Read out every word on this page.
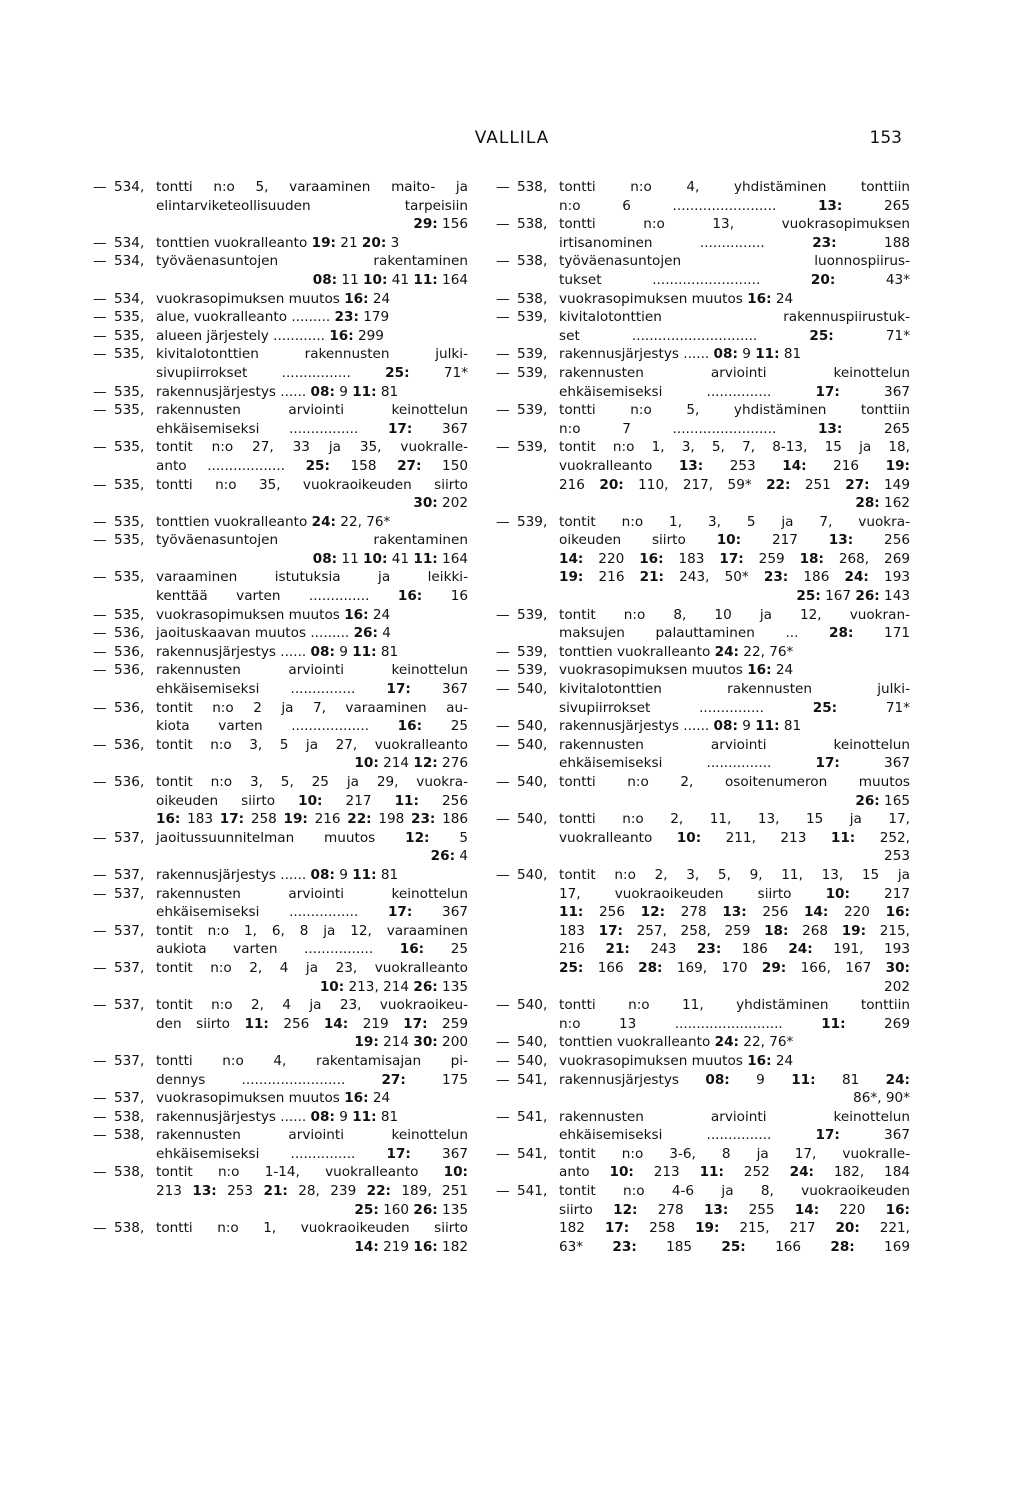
VALLILA	153
— 534, tontti n:o 5, varaaminen maito- ja
elintarviketeollisuuden tarpeisiin
29: 156
— 534, tonttien vuokralleanto 19: 21 20: 3
— 534, työväenasuntojen rakentaminen
08: 11 10: 41 11: 164
— 534, vuokrasopimuksen muutos 16: 24
— 535, alue, vuokralleanto ......... 23: 179
— 535, alueen järjestely ............ 16: 299
— 535, kivitalotonttien rakennusten julki-
sivupiirrokset ................ 25: 71*
— 535, rakennusjärjestys ...... 08: 9 11: 81
— 535, rakennusten arviointi keinottelun
ehkäisemiseksi ................ 17: 367
— 535, tontit n:o 27, 33 ja 35, vuokralle-
anto .................. 25: 158 27: 150
— 535, tontti n:o 35, vuokraoikeuden siirto
30: 202
— 535, tonttien vuokralleanto 24: 22, 76*
— 535, työväenasuntojen rakentaminen
08: 11 10: 41 11: 164
— 535, varaaminen istutuksia ja leikki-
kenttää varten .............. 16: 16
— 535, vuokrasopimuksen muutos 16: 24
— 536, jaoituskaavan muutos ......... 26: 4
— 536, rakennusjärjestys ...... 08: 9 11: 81
— 536, rakennusten arviointi keinottelun
ehkäisemiseksi ............... 17: 367
— 536, tontit n:o 2 ja 7, varaaminen au-
kiota varten .................. 16: 25
— 536, tontit n:o 3, 5 ja 27, vuokralleanto
10: 214 12: 276
— 536, tontit n:o 3, 5, 25 ja 29, vuokra-
oikeuden siirto 10: 217 11: 256
16: 183 17: 258 19: 216 22: 198 23: 186
— 537, jaoitussuunnitelman muutos 12: 5
26: 4
— 537, rakennusjärjestys ...... 08: 9 11: 81
— 537, rakennusten arviointi keinottelun
ehkäisemiseksi ................ 17: 367
— 537, tontit n:o 1, 6, 8 ja 12, varaaminen
aukiota varten ................ 16: 25
— 537, tontit n:o 2, 4 ja 23, vuokralleanto
10: 213, 214 26: 135
— 537, tontit n:o 2, 4 ja 23, vuokraoikeu-
den siirto 11: 256 14: 219 17: 259
19: 214 30: 200
— 537, tontti n:o 4, rakentamisajan pi-
dennys ........................ 27: 175
— 537, vuokrasopimuksen muutos 16: 24
— 538, rakennusjärjestys ...... 08: 9 11: 81
— 538, rakennusten arviointi keinottelun
ehkäisemiseksi ............... 17: 367
— 538, tontit n:o 1-14, vuokralleanto 10:
213 13: 253 21: 28, 239 22: 189, 251
25: 160 26: 135
— 538, tontti n:o 1, vuokraoikeuden siirto
14: 219 16: 182
— 538, tontti n:o 4, yhdistäminen tonttiin
n:o 6 ........................ 13: 265
— 538, tontti n:o 13, vuokrasopimuksen
irtisanominen ............... 23: 188
— 538, työväenasuntojen luonnospiirus-
tukset ......................... 20: 43*
— 538, vuokrasopimuksen muutos 16: 24
— 539, kivitalotonttien rakennuspiirustuk-
set ............................. 25: 71*
— 539, rakennusjärjestys ...... 08: 9 11: 81
— 539, rakennusten arviointi keinottelun
ehkäisemiseksi ............... 17: 367
— 539, tontti n:o 5, yhdistäminen tonttiin
n:o 7 ........................ 13: 265
— 539, tontit n:o 1, 3, 5, 7, 8-13, 15 ja 18,
vuokralleanto 13: 253 14: 216 19:
216 20: 110, 217, 59* 22: 251 27: 149
28: 162
— 539, tontit n:o 1, 3, 5 ja 7, vuokra-
oikeuden siirto 10: 217 13: 256
14: 220 16: 183 17: 259 18: 268, 269
19: 216 21: 243, 50* 23: 186 24: 193
25: 167 26: 143
— 539, tontit n:o 8, 10 ja 12, vuokran-
maksujen palauttaminen ... 28: 171
— 539, tonttien vuokralleanto 24: 22, 76*
— 539, vuokrasopimuksen muutos 16: 24
— 540, kivitalotonttien rakennusten julki-
sivupiirrokset ............... 25: 71*
— 540, rakennusjärjestys ...... 08: 9 11: 81
— 540, rakennusten arviointi keinottelun
ehkäisemiseksi ............... 17: 367
— 540, tontti n:o 2, osoitenumeron muutos
26: 165
— 540, tontti n:o 2, 11, 13, 15 ja 17,
vuokralleanto 10: 211, 213 11: 252,
253
— 540, tontit n:o 2, 3, 5, 9, 11, 13, 15 ja
17, vuokraoikeuden siirto 10: 217
11: 256 12: 278 13: 256 14: 220 16:
183 17: 257, 258, 259 18: 268 19: 215,
216 21: 243 23: 186 24: 191, 193
25: 166 28: 169, 170 29: 166, 167 30:
202
— 540, tontti n:o 11, yhdistäminen tonttiin
n:o 13 ......................... 11: 269
— 540, tonttien vuokralleanto 24: 22, 76*
— 540, vuokrasopimuksen muutos 16: 24
— 541, rakennusjärjestys 08: 9 11: 81 24:
86*, 90*
— 541, rakennusten arviointi keinottelun
ehkäisemiseksi ............... 17: 367
— 541, tontit n:o 3-6, 8 ja 17, vuokralle-
anto 10: 213 11: 252 24: 182, 184
— 541, tontit n:o 4-6 ja 8, vuokraoikeuden
siirto 12: 278 13: 255 14: 220 16:
182 17: 258 19: 215, 217 20: 221,
63* 23: 185 25: 166 28: 169
